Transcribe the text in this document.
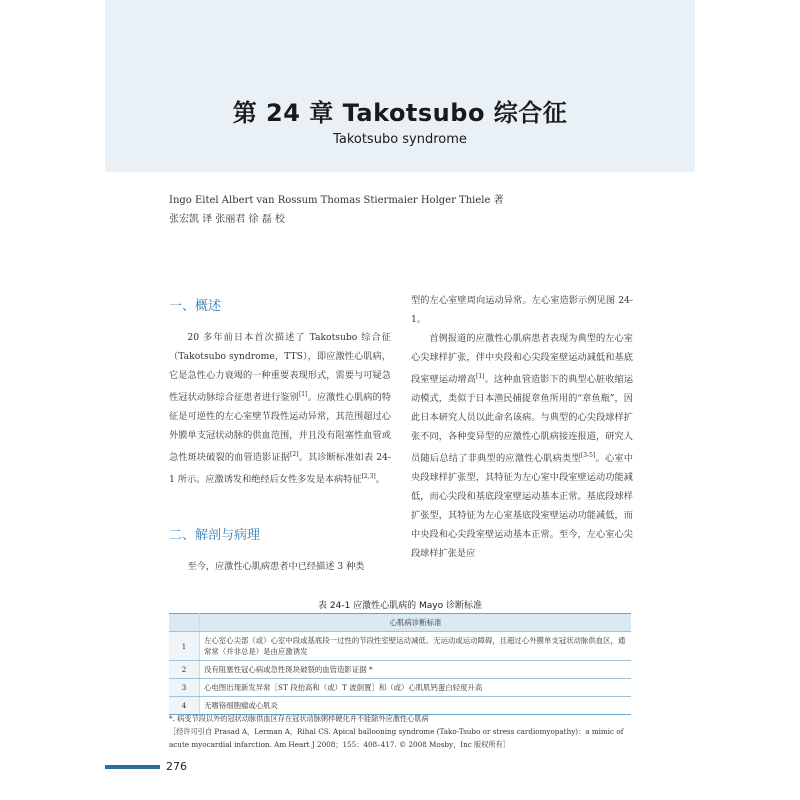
第 24 章 Takotsubo 综合征
Takotsubo syndrome
Ingo Eitel Albert van Rossum Thomas Stiermaier Holger Thiele 著
张宏凯 译 张丽君 徐 磊 校
一、概述

20 多年前日本首次描述了 Takotsubo 综合征（Takotsubo syndrome，TTS），即应激性心肌病，它是急性心力衰竭的一种重要表现形式，需要与可疑急性冠状动脉综合征患者进行鉴别[1]。应激性心肌病的特征是可逆性的左心室壁节段性运动异常，其范围超过心外膜单支冠状动脉的供血范围，并且没有阻塞性血管或急性斑块破裂的血管造影证据[2]。其诊断标准如表 24-1 所示。应激诱发和绝经后女性多发是本病特征[2,3]。

二、解剖与病理

至今，应激性心肌病患者中已经描述 3 种类

型的左心室壁周向运动异常。左心室造影示例见图 24-1。

首例报道的应激性心肌病患者表现为典型的左心室心尖球样扩张，伴中央段和心尖段室壁运动减低和基底段室壁运动增高[1]。这种血管造影下的典型心脏收缩运动模式，类似于日本渔民捕捉章鱼所用的“章鱼瓶”，因此日本研究人员以此命名该病。与典型的心尖段球样扩张不同，各种变异型的应激性心肌病接连报道，研究人员随后总结了非典型的应激性心肌病类型[3-5]。心室中央段球样扩张型，其特征为左心室中段室壁运动功能减低，而心尖段和基底段室壁运动基本正常。基底段球样扩张型，其特征为左心室基底段室壁运动功能减低，而中央段和心尖段室壁运动基本正常。至今，左心室心尖段球样扩张是应

表 24-1 应激性心肌病的 Mayo 诊断标准
	心肌病诊断标准
1	左心室心尖部（或）心室中段或基底段一过性的节段性室壁运动减低、无运动或运动障碍，且超过心外膜单支冠状动脉供血区，通常常（并非总是）是由应激诱发
2	没有阻塞性冠心病或急性斑块破裂的血管造影证据 *
3	心电图出现新发异常［ST 段抬高和（或）T 波倒置］和（或）心肌肌钙蛋白轻度升高
4	无嗜铬细胞瘤或心肌炎
*. 病变节段以外的冠状动脉供血区存在冠状动脉粥样硬化并不能除外应激性心肌病
［经许可引自 Prasad A，Lerman A，Rihal CS. Apical ballooning syndrome (Tako-Tsubo or stress cardiomyopathy)：a mimic of acute myocardial infarction. Am Heart J 2008；155：408–417. © 2008 Mosby，Inc 版权所有］
276
